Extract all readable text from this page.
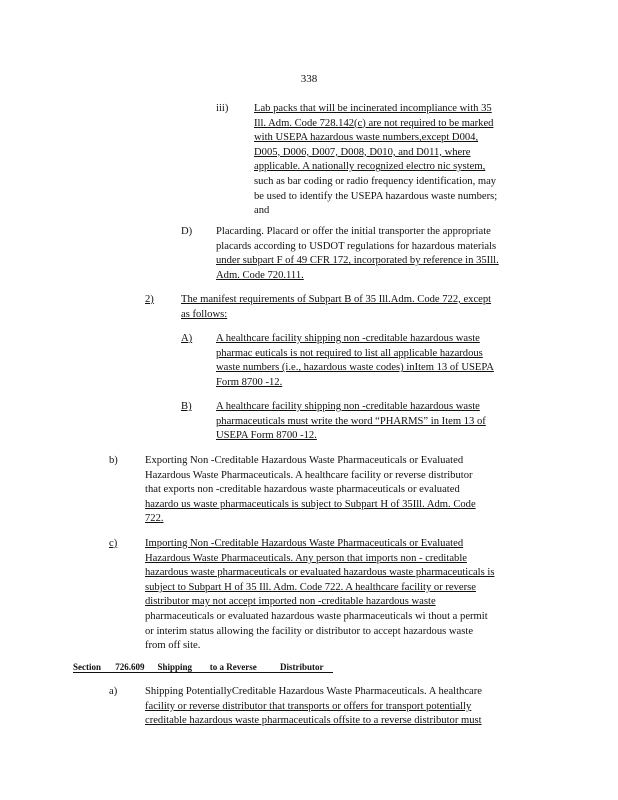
338
iii) Lab packs that will be incinerated incompliance with 35
Ill. Adm. Code 728.142(c) are not required to be marked
with USEPA hazardous waste numbers,except D004,
D005, D006, D007, D008, D010, and D011, where
applicable. A nationally recognized electro nic system,
such as bar coding or radio frequency identification, may
be used to identify the USEPA hazardous waste numbers;
and
D) Placarding. Placard or offer the initial transporter the appropriate
placards according to USDOT regulations for hazardous materials
under subpart F of 49 CFR 172, incorporated by reference in 35Ill.
Adm. Code 720.111.
2)	The manifest requirements of Subpart B of 35 Ill.Adm. Code 722, except
as follows:
A) A healthcare facility shipping non -creditable hazardous waste
pharmac euticals is not required to list all applicable hazardous
waste numbers (i.e., hazardous waste codes) inItem 13 of USEPA
Form 8700 -12.
B) A healthcare facility shipping non -creditable hazardous waste
pharmaceuticals must write the word “PHARMS” in Item 13 of
USEPA Form 8700 -12.
b)	Exporting Non -Creditable Hazardous Waste Pharmaceuticals or Evaluated
Hazardous Waste Pharmaceuticals. A healthcare facility or reverse distributor
that exports non -creditable hazardous waste pharmaceuticals or evaluated
hazardo us waste pharmaceuticals is subject to Subpart H of 35Ill. Adm. Code
722.
c)	Importing Non -Creditable Hazardous Waste Pharmaceuticals or Evaluated
Hazardous Waste Pharmaceuticals. Any person that imports non - creditable
hazardous waste pharmaceuticals or evaluated hazardous waste pharmaceuticals is
subject to Subpart H of 35 Ill. Adm. Code 722. A healthcare facility or reverse
distributor may not accept imported non -creditable hazardous waste
pharmaceuticals or evaluated hazardous waste pharmaceuticals wi thout a permit
or interim status allowing the facility or distributor to accept hazardous waste
from off site.
Section 726.609 Shipping to a Reverse	Distributor
a)	Shipping PotentiallyCreditable Hazardous Waste Pharmaceuticals. A healthcare
facility or reverse distributor that transports or offers for transport potentially
creditable hazardous waste pharmaceuticals offsite to a reverse distributor must
